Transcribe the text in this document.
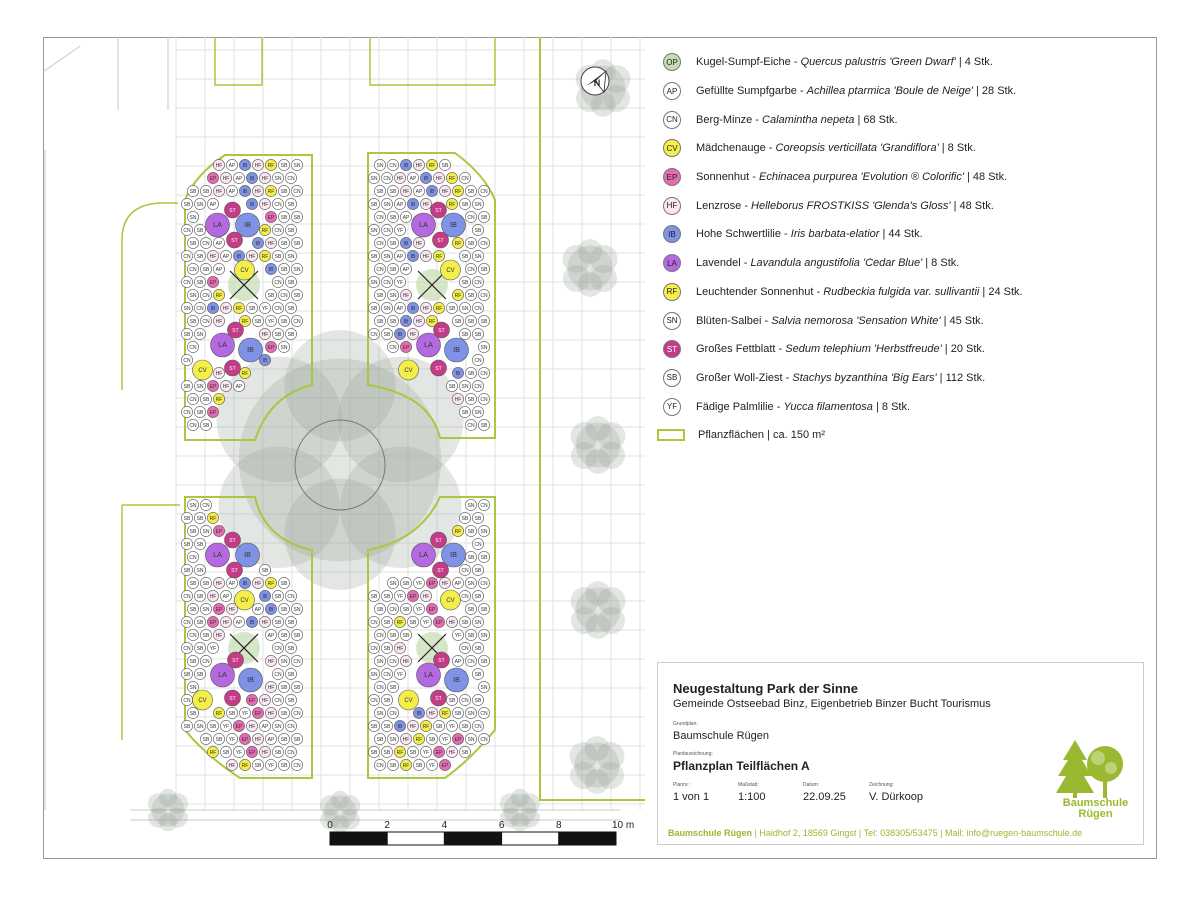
HF AP IB HF RF SB SN
EP HF AP IB HF SN CN
SB SB HF AP IB HF RF SB CN
SB SN AP	IB HF CN SB
SN	EP SB SB
CN SB	RF CN SB
SB CN AP	IB HF SB SB
CN SB HF AP IB HF RF SB SN
CN SB AP	IB SB SN
CN SB EP	CN SB
SN CN RF	SB CN SB
SN CN IB HF RF SB YF CN SB
SB CN HF	RF SB YF SB CN
SB SN	HF SB SB
CN	EP SN
CN	IB
HF	RF
SB SN EP HF AP
CN SB RF
CN SB EP
CN SB
LA	IB
ST
ST
CV
LA
IB
ST
ST
CV
SN CN IB HF RF SB
SN CN HF AP IB HF RF CN
SB SB HF AP IB HF RF SB CN
SB SN AP IB HF	RF SB SN
CN SB AP	CN SB
SN CN YF	SB
CN SB IB HF	RF SB CN
SB SN AP IB HF RF	SB SN
CN SB AP	CN SB
SN CN YF	SB CN
SB SN HF	RF SB CN
SB SN AP IB HF RF SB SN CN
SB SB IB HF RF	SB SB SB
CN SB IB HF	SB SB
CN EP	SN
CN
IB SB CN
SB SN CN
HF SB CN
SB SN
CN SB
LA	IB
ST
ST
CV
LA
IB
ST
ST
CV
SN CN
SB SB RF
SB SN EP
SB SB
CN
SB SN	SB
SB SB HF AP IB HF RF SB
CN SB HF AP	IB SB CN
SB SN EP HF	AP IB SB SN
CN SB EP HF AP IB HF SB SB
CN SB HF	AP SB SB
CN SB YF	CN SB
SB CN	HF SN CN
SB SB	CN SB
SN	HF SB SB
CN	EP HF CN SB
SB	RF SB YF EP HF SB CN
SB SN SB YF EP HF AP SN CN
SB SB YF EP HF AP SB SB
RF SB YF EP HF SB CN
HF RF SB YF SB CN
LA	IB
ST
ST
CV
LA
IB
ST
ST
CV
SN CN
SB SB
RF SB SN
CN
SB SB
CN SB
SN SB YF EP HF AP SN CN
SB SB YF EP HF	CN SB
SB CN SB YF EP	SB SB
CN SB RF SB YF EP HF SB SN
CN SB SB	YF SB SN
CN SB HF	CN SB
SN CN HF	AP CN SB
SN CN YF	SB
CN SB	SN
CN SB	SB CN SB
SN CN	IB HF RF SB SN CN
SB SB IB HF RF SB YF SB CN
SB SN HF RF SB YF EP SN CN
SB SB RF SB YF EP HF SB
CN SB RF SB YF EP
LA	IB
ST
ST
CV
LA
IB
ST
ST
CV
N
0	2	4	6	8	10 m
OP Kugel-Sumpf-Eiche - Quercus palustris 'Green Dwarf' | 4 Stk.
AP	Gefüllte Sumpfgarbe - Achillea ptarmica 'Boule de Neige' | 28 Stk.
CN Berg-Minze - Calamintha nepeta | 68 Stk.
CV	Mädchenauge - Coreopsis verticillata 'Grandiflora' | 8 Stk.
EP	Sonnenhut - Echinacea purpurea 'Evolution ® Colorific' | 48 Stk.
HF	Lenzrose - Helleborus FROSTKISS 'Glenda's Gloss' | 48 Stk.
IB	Hohe Schwertlilie - Iris barbata-elatior | 44 Stk.
LA	Lavendel - Lavandula angustifolia 'Cedar Blue' | 8 Stk.
RF	Leuchtender Sonnenhut - Rudbeckia fulgida var. sullivantii | 24 Stk.
SN	Blüten-Salbei - Salvia nemorosa 'Sensation White' | 45 Stk.
ST	Großes Fettblatt - Sedum telephium 'Herbstfreude' | 20 Stk.
SB	Großer Woll-Ziest - Stachys byzanthina 'Big Ears' | 112 Stk.
YF	Fädige Palmlilie - Yucca filamentosa | 8 Stk.
Pflanzflächen | ca. 150 m²
Neugestaltung Park der Sinne
Gemeinde Ostseebad Binz, Eigenbetrieb Binzer Bucht Tourismus
Grundplan:
Baumschule Rügen
Planbezeichnung:
Pflanzplan Teilflächen A
Plannr.:
1 von 1
Maßstab:
1:100
Datum:
22.09.25
Zeichnung:
V. Dürkoop
Baumschule Rügen | Haidhof 2, 18569 Gingst | Tel: 038305/53475 | Mail: info@ruegen-baumschule.de
Baumschule
Rügen
